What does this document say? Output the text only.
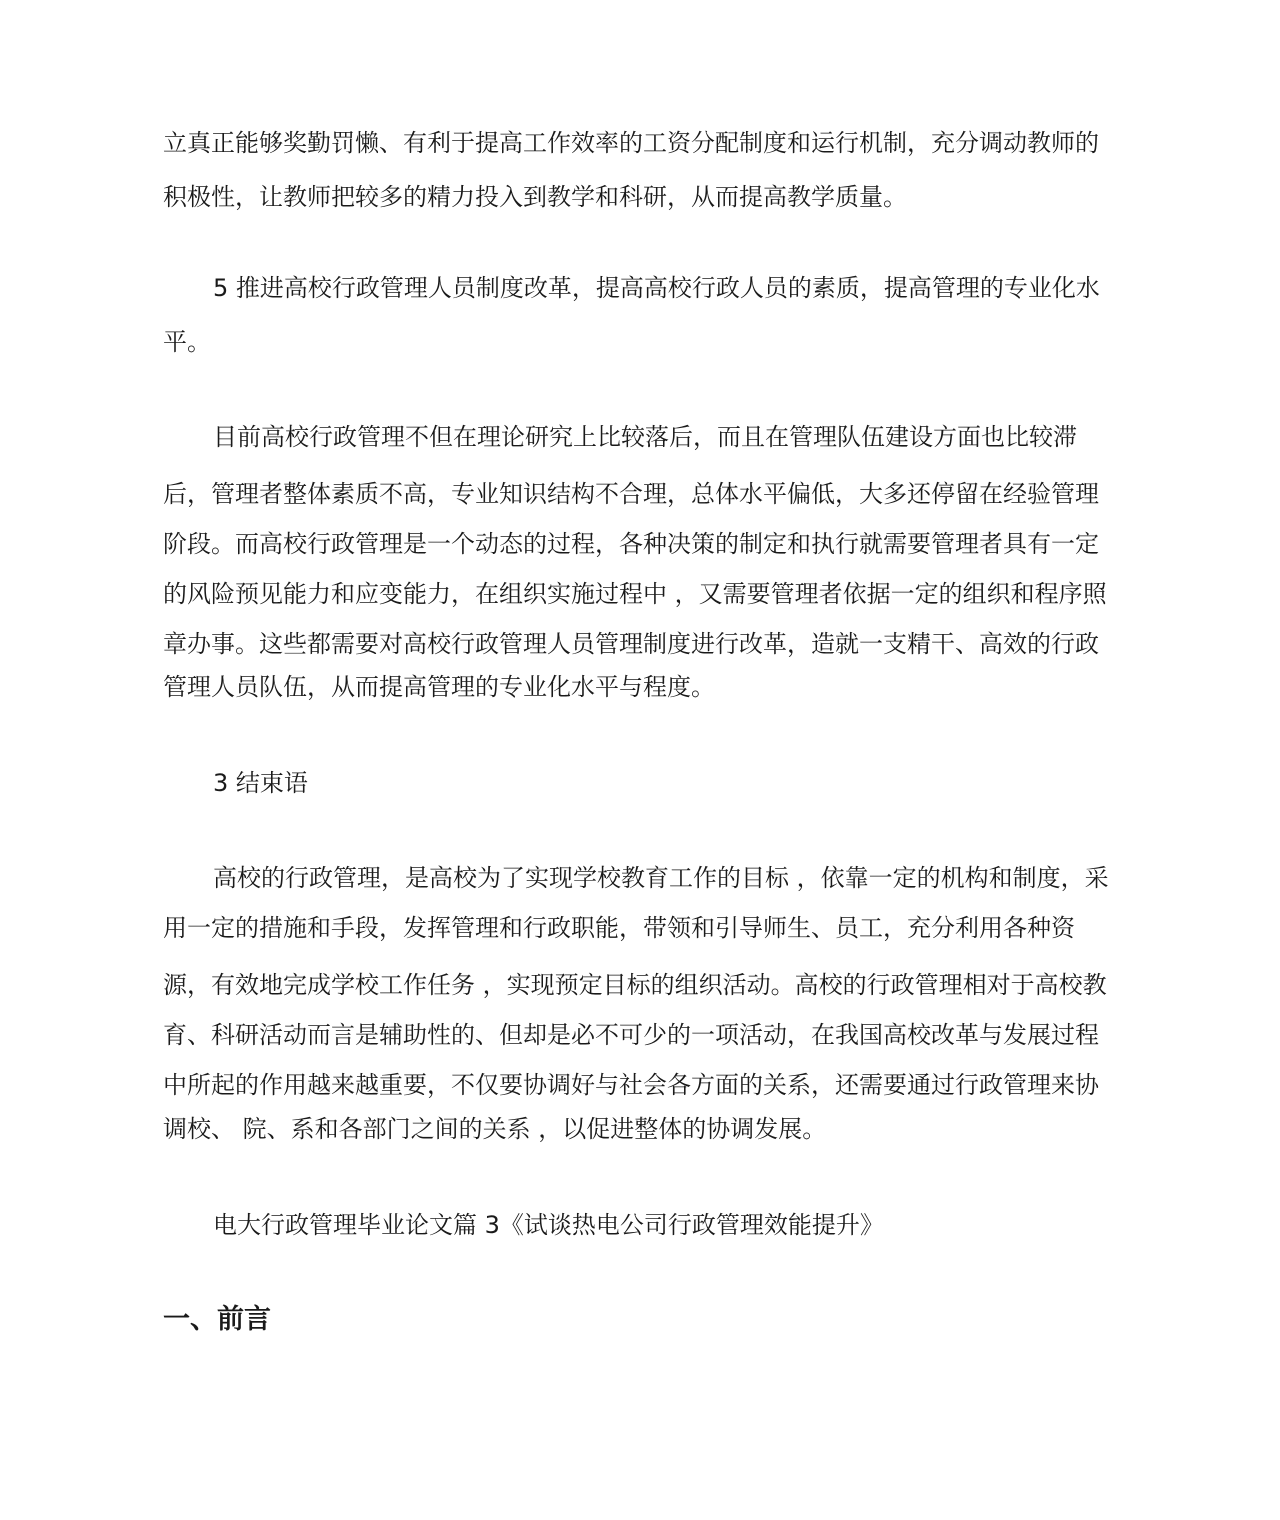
立真正能够奖勤罚懒、有利于提高工作效率的工资分配制度和运行机制，充分调动教师的
积极性，让教师把较多的精力投入到教学和科研，从而提高教学质量。
5 推进高校行政管理人员制度改革，提高高校行政人员的素质，提高管理的专业化水
平。
目前高校行政管理不但在理论研究上比较落后，而且在管理队伍建设方面也比较滞
后，管理者整体素质不高，专业知识结构不合理，总体水平偏低，大多还停留在经验管理
阶段。而高校行政管理是一个动态的过程，各种决策的制定和执行就需要管理者具有一定
的风险预见能力和应变能力，在组织实施过程中 ，又需要管理者依据一定的组织和程序照
章办事。这些都需要对高校行政管理人员管理制度进行改革，造就一支精干、高效的行政
管理人员队伍，从而提高管理的专业化水平与程度。
3 结束语
高校的行政管理，是高校为了实现学校教育工作的目标 ，依靠一定的机构和制度，采
用一定的措施和手段，发挥管理和行政职能，带领和引导师生、员工，充分利用各种资
源，有效地完成学校工作任务 ，实现预定目标的组织活动。高校的行政管理相对于高校教
育、科研活动而言是辅助性的、但却是必不可少的一项活动，在我国高校改革与发展过程
中所起的作用越来越重要，不仅要协调好与社会各方面的关系，还需要通过行政管理来协
调校、 院、系和各部门之间的关系 ，以促进整体的协调发展。
电大行政管理毕业论文篇 3《试谈热电公司行政管理效能提升》
一、前言
